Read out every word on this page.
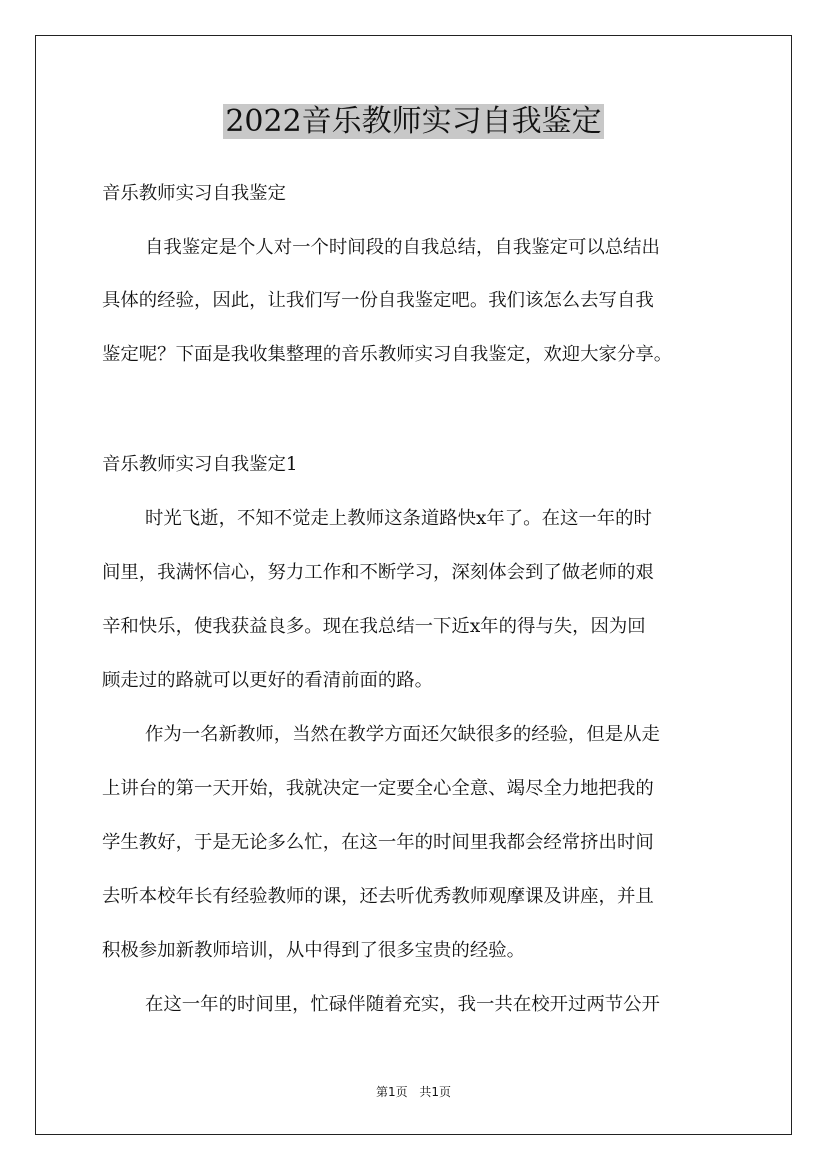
2022音乐教师实习自我鉴定

音乐教师实习自我鉴定

自我鉴定是个人对一个时间段的自我总结，自我鉴定可以总结出

具体的经验，因此，让我们写一份自我鉴定吧。我们该怎么去写自我

鉴定呢？下面是我收集整理的音乐教师实习自我鉴定，欢迎大家分享。

音乐教师实习自我鉴定1

时光飞逝，不知不觉走上教师这条道路快x年了。在这一年的时

间里，我满怀信心，努力工作和不断学习，深刻体会到了做老师的艰

辛和快乐，使我获益良多。现在我总结一下近x年的得与失，因为回

顾走过的路就可以更好的看清前面的路。

作为一名新教师，当然在教学方面还欠缺很多的经验，但是从走

上讲台的第一天开始，我就决定一定要全心全意、竭尽全力地把我的

学生教好，于是无论多么忙，在这一年的时间里我都会经常挤出时间

去听本校年长有经验教师的课，还去听优秀教师观摩课及讲座，并且

积极参加新教师培训，从中得到了很多宝贵的经验。

在这一年的时间里，忙碌伴随着充实，我一共在校开过两节公开

第1页 共1页
